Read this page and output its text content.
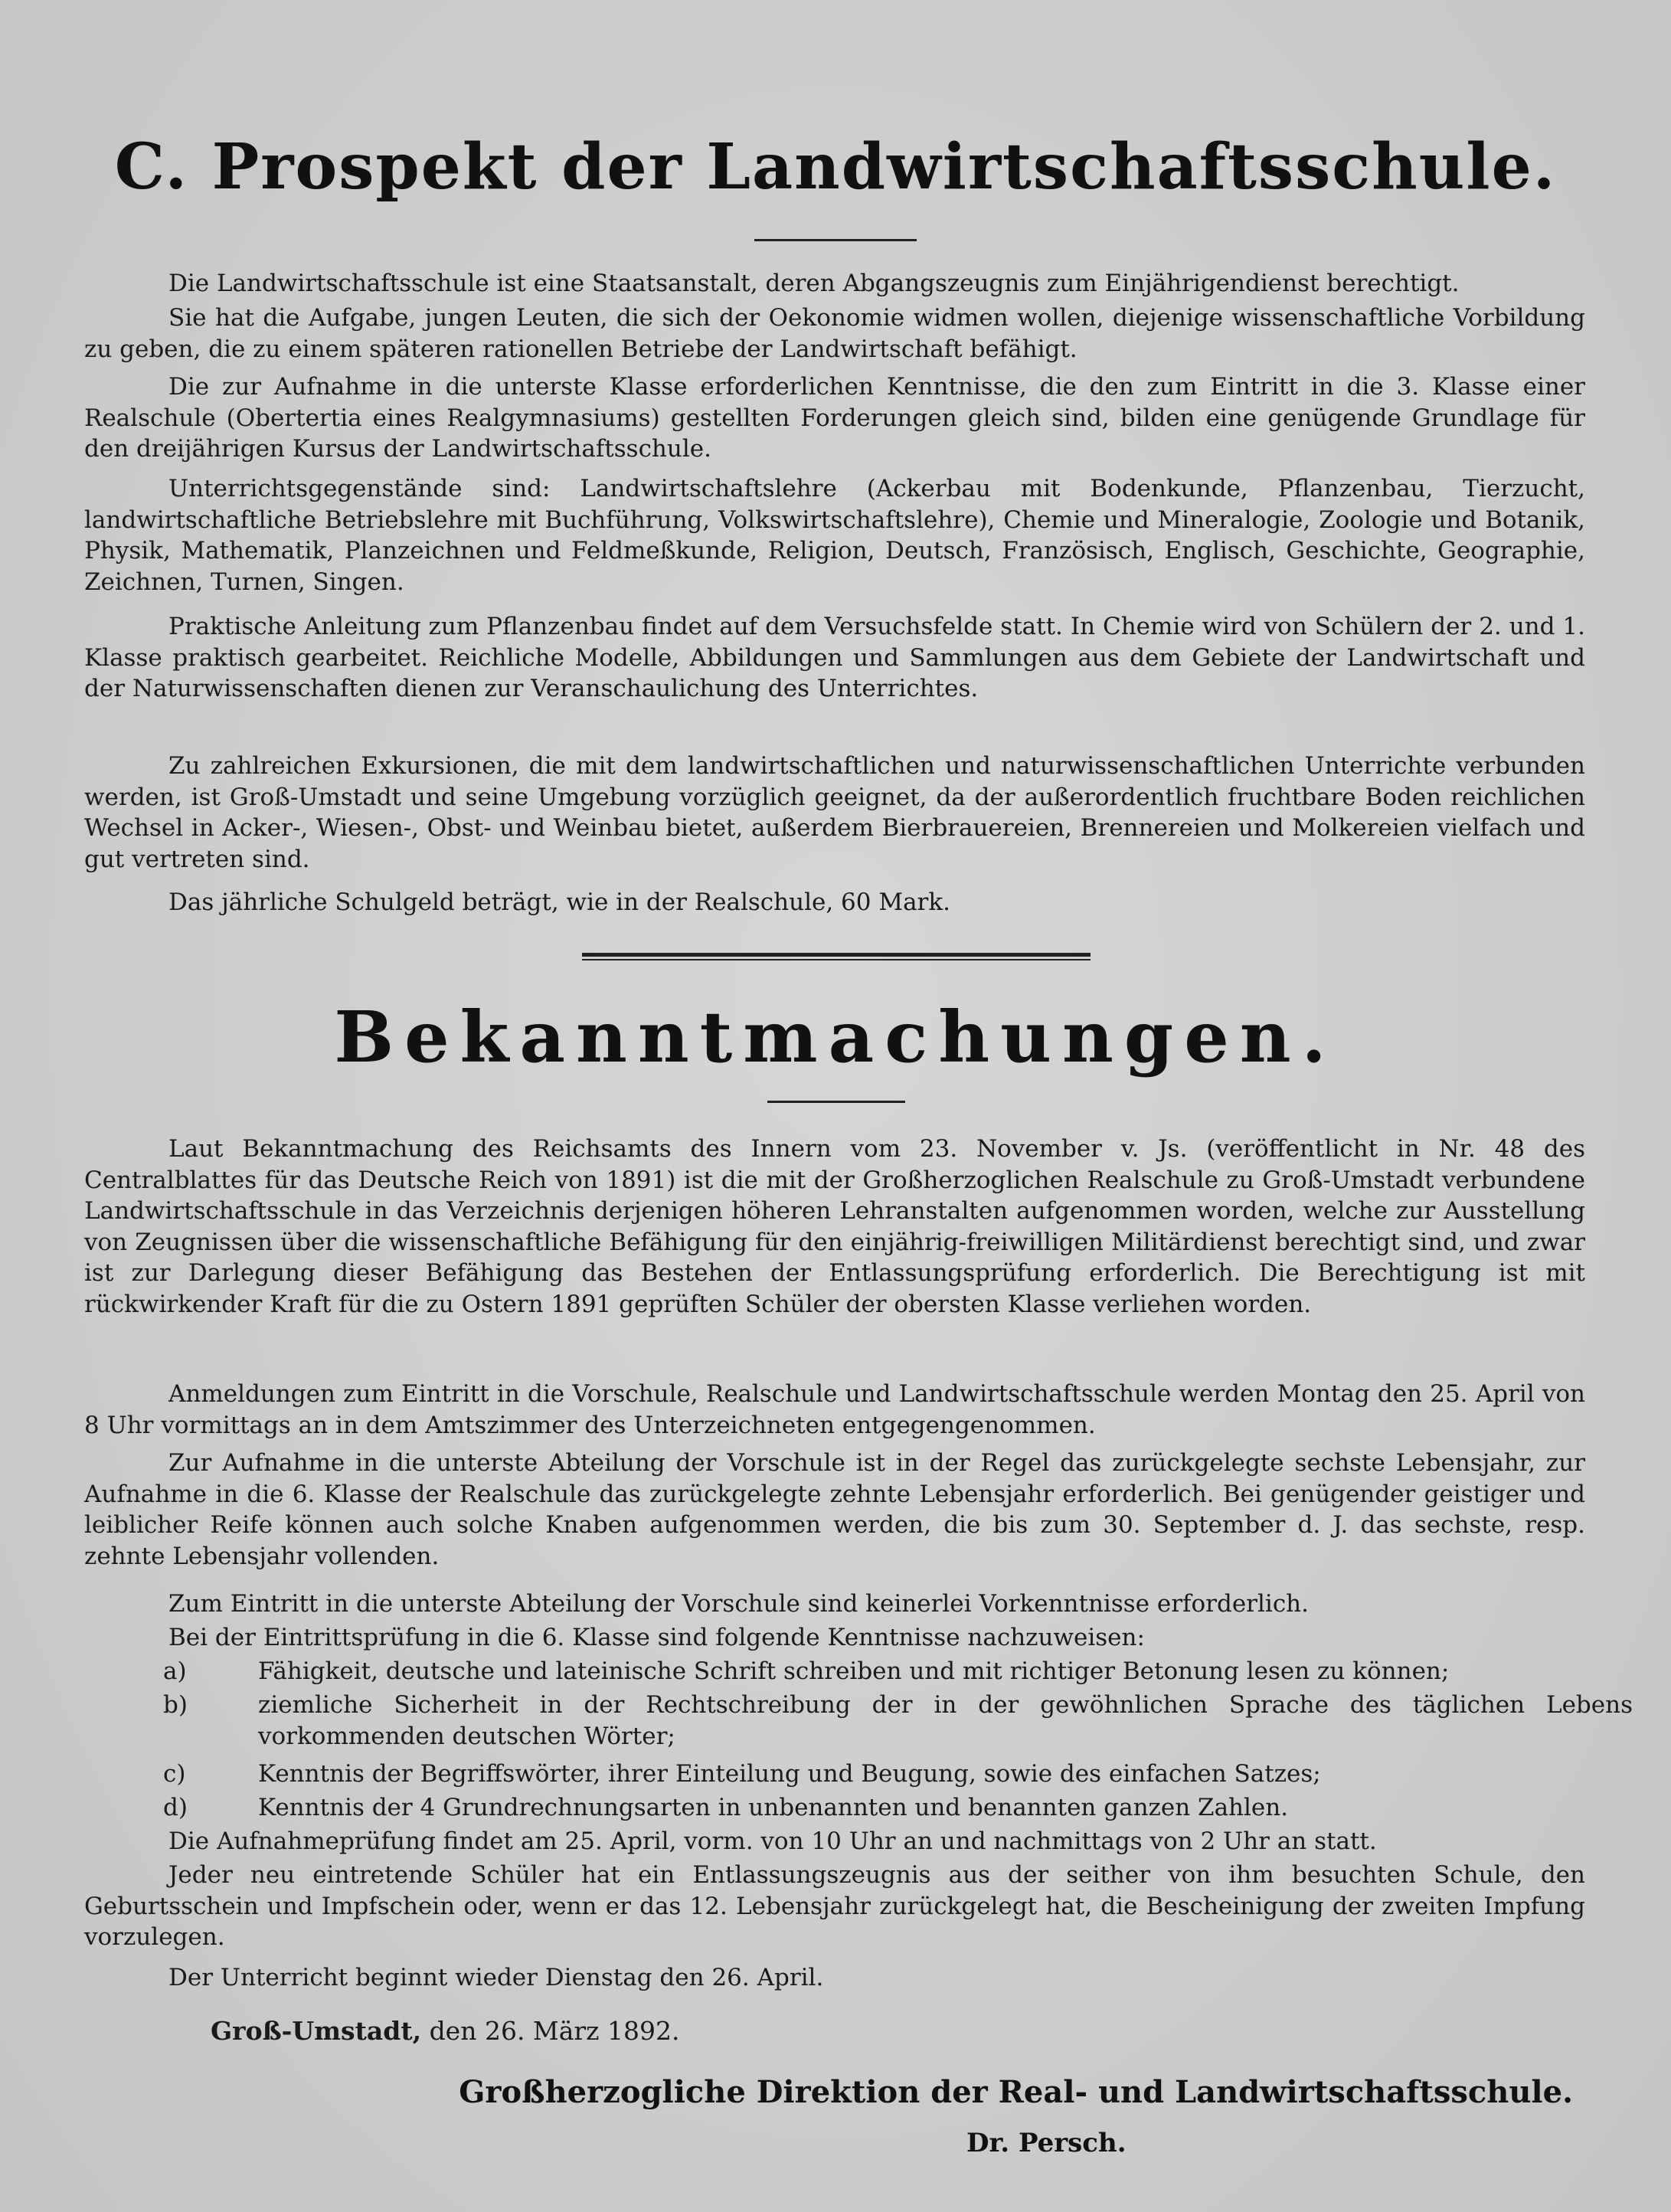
C. Prospekt der Landwirtschaftsschule.
Die Landwirtschaftsschule ist eine Staatsanstalt, deren Abgangszeugnis zum Einjährigendienst berechtigt.
Sie hat die Aufgabe, jungen Leuten, die sich der Oekonomie widmen wollen, diejenige wissenschaftliche Vorbildung zu geben, die zu einem späteren rationellen Betriebe der Landwirtschaft befähigt.
Die zur Aufnahme in die unterste Klasse erforderlichen Kenntnisse, die den zum Eintritt in die 3. Klasse einer Realschule (Obertertia eines Realgymnasiums) gestellten Forderungen gleich sind, bilden eine genügende Grundlage für den dreijährigen Kursus der Landwirtschaftsschule.
Unterrichtsgegenstände sind: Landwirtschaftslehre (Ackerbau mit Bodenkunde, Pflanzenbau, Tierzucht, landwirtschaftliche Betriebslehre mit Buchführung, Volkswirtschaftslehre), Chemie und Mineralogie, Zoologie und Botanik, Physik, Mathematik, Planzeichnen und Feldmeßkunde, Religion, Deutsch, Französisch, Englisch, Geschichte, Geographie, Zeichnen, Turnen, Singen.
Praktische Anleitung zum Pflanzenbau findet auf dem Versuchsfelde statt. In Chemie wird von Schülern der 2. und 1. Klasse praktisch gearbeitet. Reichliche Modelle, Abbildungen und Sammlungen aus dem Gebiete der Landwirtschaft und der Naturwissenschaften dienen zur Veranschaulichung des Unterrichtes.
Zu zahlreichen Exkursionen, die mit dem landwirtschaftlichen und naturwissenschaftlichen Unterrichte verbunden werden, ist Groß-Umstadt und seine Umgebung vorzüglich geeignet, da der außerordentlich fruchtbare Boden reichlichen Wechsel in Acker-, Wiesen-, Obst- und Weinbau bietet, außerdem Bierbrauereien, Brennereien und Molkereien vielfach und gut vertreten sind.
Das jährliche Schulgeld beträgt, wie in der Realschule, 60 Mark.
Bekanntmachungen.
Laut Bekanntmachung des Reichsamts des Innern vom 23. November v. Js. (veröffentlicht in Nr. 48 des Centralblattes für das Deutsche Reich von 1891) ist die mit der Großherzoglichen Realschule zu Groß-Umstadt verbundene Landwirtschaftsschule in das Verzeichnis derjenigen höheren Lehranstalten aufgenommen worden, welche zur Ausstellung von Zeugnissen über die wissenschaftliche Befähigung für den einjährig-freiwilligen Militärdienst berechtigt sind, und zwar ist zur Darlegung dieser Befähigung das Bestehen der Entlassungsprüfung erforderlich. Die Berechtigung ist mit rückwirkender Kraft für die zu Ostern 1891 geprüften Schüler der obersten Klasse verliehen worden.
Anmeldungen zum Eintritt in die Vorschule, Realschule und Landwirtschaftsschule werden Montag den 25. April von 8 Uhr vormittags an in dem Amtszimmer des Unterzeichneten entgegengenommen.
Zur Aufnahme in die unterste Abteilung der Vorschule ist in der Regel das zurückgelegte sechste Lebensjahr, zur Aufnahme in die 6. Klasse der Realschule das zurückgelegte zehnte Lebensjahr erforderlich. Bei genügender geistiger und leiblicher Reife können auch solche Knaben aufgenommen werden, die bis zum 30. September d. J. das sechste, resp. zehnte Lebensjahr vollenden.
Zum Eintritt in die unterste Abteilung der Vorschule sind keinerlei Vorkenntnisse erforderlich.
Bei der Eintrittsprüfung in die 6. Klasse sind folgende Kenntnisse nachzuweisen:
a)	Fähigkeit, deutsche und lateinische Schrift schreiben und mit richtiger Betonung lesen zu können;
b)	ziemliche Sicherheit in der Rechtschreibung der in der gewöhnlichen Sprache des täglichen Lebens vorkommenden deutschen Wörter;
c)	Kenntnis der Begriffswörter, ihrer Einteilung und Beugung, sowie des einfachen Satzes;
d)	Kenntnis der 4 Grundrechnungsarten in unbenannten und benannten ganzen Zahlen.
Die Aufnahmeprüfung findet am 25. April, vorm. von 10 Uhr an und nachmittags von 2 Uhr an statt.
Jeder neu eintretende Schüler hat ein Entlassungszeugnis aus der seither von ihm besuchten Schule, den Geburtsschein und Impfschein oder, wenn er das 12. Lebensjahr zurückgelegt hat, die Bescheinigung der zweiten Impfung vorzulegen.
Der Unterricht beginnt wieder Dienstag den 26. April.
Groß-Umstadt, den 26. März 1892.
Großherzogliche Direktion der Real- und Landwirtschaftsschule.
Dr. Persch.
